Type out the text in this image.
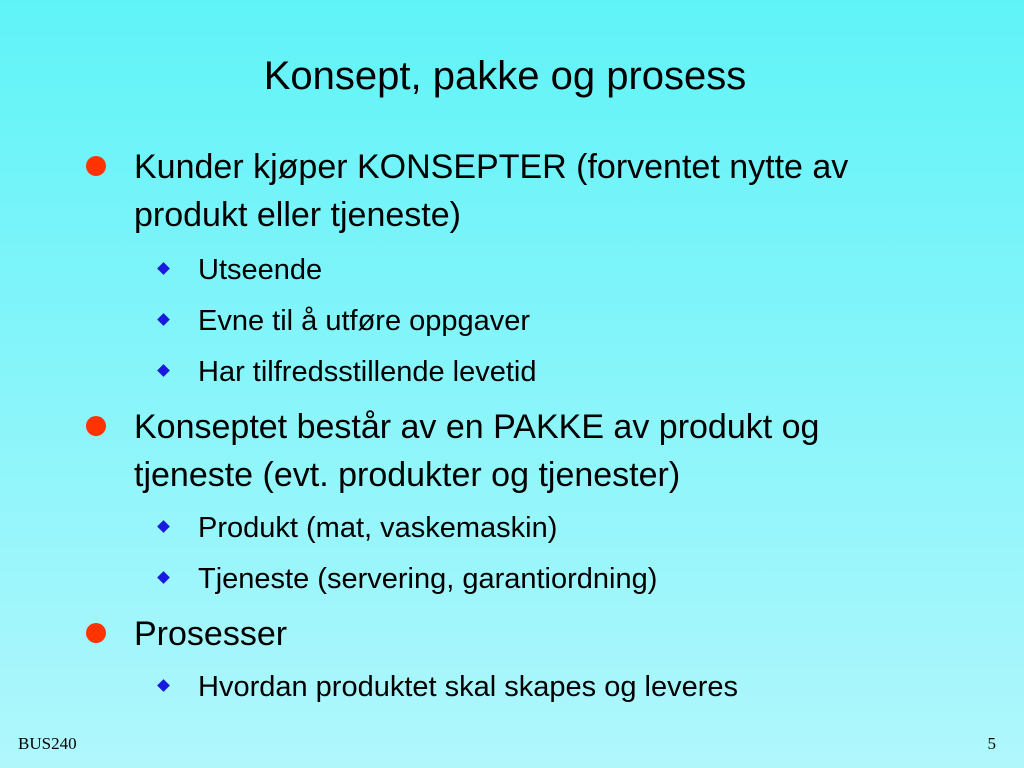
Konsept, pakke og prosess
Kunder kjøper KONSEPTER (forventet nytte av produkt eller tjeneste)
Utseende
Evne til å utføre oppgaver
Har tilfredsstillende levetid
Konseptet består av en PAKKE av produkt og tjeneste (evt. produkter og tjenester)
Produkt (mat, vaskemaskin)
Tjeneste (servering, garantiordning)
Prosesser
Hvordan produktet skal skapes og leveres
BUS240	5
